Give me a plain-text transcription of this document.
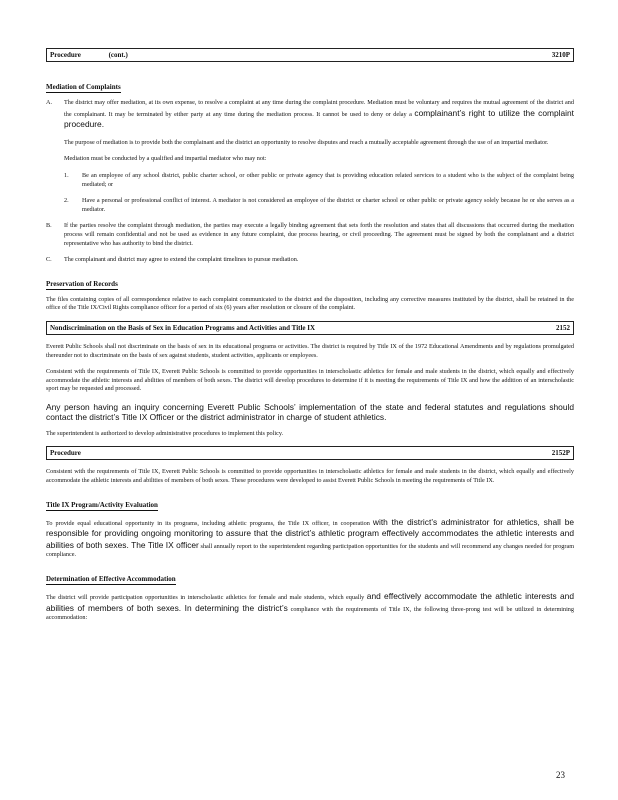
Procedure	(cont.)	3210P
Mediation of Complaints
A.	The district may offer mediation, at its own expense, to resolve a complaint at any time during the complaint procedure. Mediation must be voluntary and requires the mutual agreement of the district and the complainant. It may be terminated by either party at any time during the mediation process. It cannot be used to deny or delay a complainant’s right to utilize the complaint procedure.
The purpose of mediation is to provide both the complainant and the district an opportunity to resolve disputes and reach a mutually acceptable agreement through the use of an impartial mediator.
Mediation must be conducted by a qualified and impartial mediator who may not:
1.	Be an employee of any school district, public charter school, or other public or private agency that is providing education related services to a student who is the subject of the complaint being mediated; or
2.	Have a personal or professional conflict of interest. A mediator is not considered an employee of the district or charter school or other public or private agency solely because he or she serves as a mediator.
B.	If the parties resolve the complaint through mediation, the parties may execute a legally binding agreement that sets forth the resolution and states that all discussions that occurred during the mediation process will remain confidential and not be used as evidence in any future complaint, due process hearing, or civil proceeding. The agreement must be signed by both the complainant and a district representative who has authority to bind the district.
C.	The complainant and district may agree to extend the complaint timelines to pursue mediation.
Preservation of Records
The files containing copies of all correspondence relative to each complaint communicated to the district and the disposition, including any corrective measures instituted by the district, shall be retained in the office of the Title IX/Civil Rights compliance officer for a period of six (6) years after resolution or closure of the complaint.
Nondiscrimination on the Basis of Sex in Education Programs and Activities and Title IX	2152
Everett Public Schools shall not discriminate on the basis of sex in its educational programs or activities. The district is required by Title IX of the 1972 Educational Amendments and by regulations promulgated thereunder not to discriminate on the basis of sex against students, student activities, applicants or employees.
Consistent with the requirements of Title IX, Everett Public Schools is committed to provide opportunities in interscholastic athletics for female and male students in the district, which equally and effectively accommodate the athletic interests and abilities of members of both sexes. The district will develop procedures to determine if it is meeting the requirements of Title IX and how the addition of an interscholastic sport may be requested and processed.
Any person having an inquiry concerning Everett Public Schools’ implementation of the state and federal statutes and regulations should contact the district’s Title IX Officer or the district administrator in charge of student athletics.
The superintendent is authorized to develop administrative procedures to implement this policy.
Procedure	2152P
Consistent with the requirements of Title IX, Everett Public Schools is committed to provide opportunities in interscholastic athletics for female and male students in the district, which equally and effectively accommodate the athletic interests and abilities of members of both sexes. These procedures were developed to assist Everett Public Schools in meeting the requirements of Title IX.
Title IX Program/Activity Evaluation
To provide equal educational opportunity in its programs, including athletic programs, the Title IX officer, in cooperation with the district’s administrator for athletics, shall be responsible for providing ongoing monitoring to assure that the district’s athletic program effectively accommodates the athletic interests and abilities of both sexes. The Title IX officer shall annually report to the superintendent regarding participation opportunities for the students and will recommend any changes needed for program compliance.
Determination of Effective Accommodation
The district will provide participation opportunities in interscholastic athletics for female and male students, which equally and effectively accommodate the athletic interests and abilities of members of both sexes. In determining the district’s compliance with the requirements of Title IX, the following three-prong test will be utilized in determining accommodation:
23
